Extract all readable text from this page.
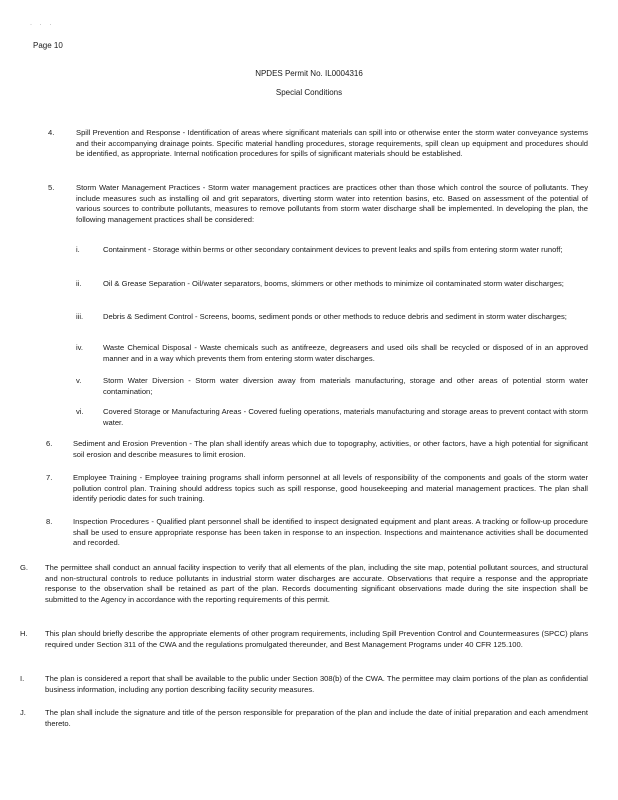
· · ·
Page 10
NPDES Permit No. IL0004316
Special Conditions
4.	Spill Prevention and Response - Identification of areas where significant materials can spill into or otherwise enter the storm water conveyance systems and their accompanying drainage points. Specific material handling procedures, storage requirements, spill clean up equipment and procedures should be identified, as appropriate. Internal notification procedures for spills of significant materials should be established.
5.	Storm Water Management Practices - Storm water management practices are practices other than those which control the source of pollutants. They include measures such as installing oil and grit separators, diverting storm water into retention basins, etc. Based on assessment of the potential of various sources to contribute pollutants, measures to remove pollutants from storm water discharge shall be implemented. In developing the plan, the following management practices shall be considered:
i.	Containment - Storage within berms or other secondary containment devices to prevent leaks and spills from entering storm water runoff;
ii.	Oil & Grease Separation - Oil/water separators, booms, skimmers or other methods to minimize oil contaminated storm water discharges;
iii.	Debris & Sediment Control - Screens, booms, sediment ponds or other methods to reduce debris and sediment in storm water discharges;
iv.	Waste Chemical Disposal - Waste chemicals such as antifreeze, degreasers and used oils shall be recycled or disposed of in an approved manner and in a way which prevents them from entering storm water discharges.
v.	Storm Water Diversion - Storm water diversion away from materials manufacturing, storage and other areas of potential storm water contamination;
vi.	Covered Storage or Manufacturing Areas - Covered fueling operations, materials manufacturing and storage areas to prevent contact with storm water.
6.	Sediment and Erosion Prevention - The plan shall identify areas which due to topography, activities, or other factors, have a high potential for significant soil erosion and describe measures to limit erosion.
7.	Employee Training - Employee training programs shall inform personnel at all levels of responsibility of the components and goals of the storm water pollution control plan. Training should address topics such as spill response, good housekeeping and material management practices. The plan shall identify periodic dates for such training.
8.	Inspection Procedures - Qualified plant personnel shall be identified to inspect designated equipment and plant areas. A tracking or follow-up procedure shall be used to ensure appropriate response has been taken in response to an inspection. Inspections and maintenance activities shall be documented and recorded.
G. The permittee shall conduct an annual facility inspection to verify that all elements of the plan, including the site map, potential pollutant sources, and structural and non-structural controls to reduce pollutants in industrial storm water discharges are accurate. Observations that require a response and the appropriate response to the observation shall be retained as part of the plan. Records documenting significant observations made during the site inspection shall be submitted to the Agency in accordance with the reporting requirements of this permit.
H. This plan should briefly describe the appropriate elements of other program requirements, including Spill Prevention Control and Countermeasures (SPCC) plans required under Section 311 of the CWA and the regulations promulgated thereunder, and Best Management Programs under 40 CFR 125.100.
I.	The plan is considered a report that shall be available to the public under Section 308(b) of the CWA. The permittee may claim portions of the plan as confidential business information, including any portion describing facility security measures.
J.	The plan shall include the signature and title of the person responsible for preparation of the plan and include the date of initial preparation and each amendment thereto.
